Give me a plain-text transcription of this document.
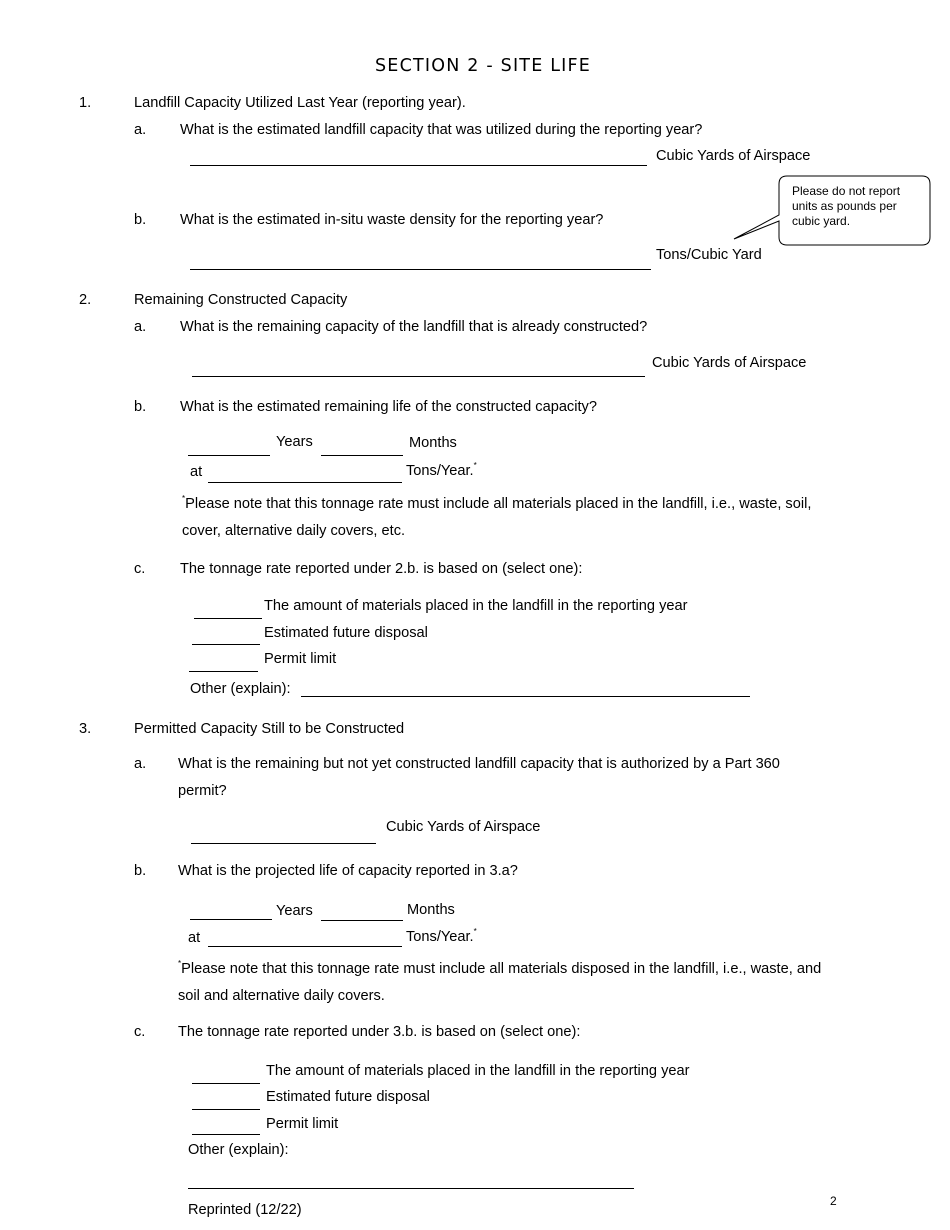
SECTION 2 - SITE LIFE
1.	Landfill Capacity Utilized Last Year (reporting year).
a. What is the estimated landfill capacity that was utilized during the reporting year?
Cubic Yards of Airspace
b. What is the estimated in-situ waste density for the reporting year?
Tons/Cubic Yard
Please do not report units as pounds per cubic yard.
2.	Remaining Constructed Capacity
a. What is the remaining capacity of the landfill that is already constructed?
Cubic Yards of Airspace
b. What is the estimated remaining life of the constructed capacity?
Years	Months
at	Tons/Year.*
*Please note that this tonnage rate must include all materials placed in the landfill, i.e., waste, soil,
cover, alternative daily covers, etc.
c. The tonnage rate reported under 2.b. is based on (select one):
The amount of materials placed in the landfill in the reporting year
Estimated future disposal
Permit limit
Other (explain):
3.	Permitted Capacity Still to be Constructed
a. What is the remaining but not yet constructed landfill capacity that is authorized by a Part 360
permit?
Cubic Yards of Airspace
b. What is the projected life of capacity reported in 3.a?
Years	Months
at	Tons/Year.*
*Please note that this tonnage rate must include all materials disposed in the landfill, i.e., waste, and
soil and alternative daily covers.
c. The tonnage rate reported under 3.b. is based on (select one):
The amount of materials placed in the landfill in the reporting year
Estimated future disposal
Permit limit
Other (explain):
Reprinted (12/22)
2
